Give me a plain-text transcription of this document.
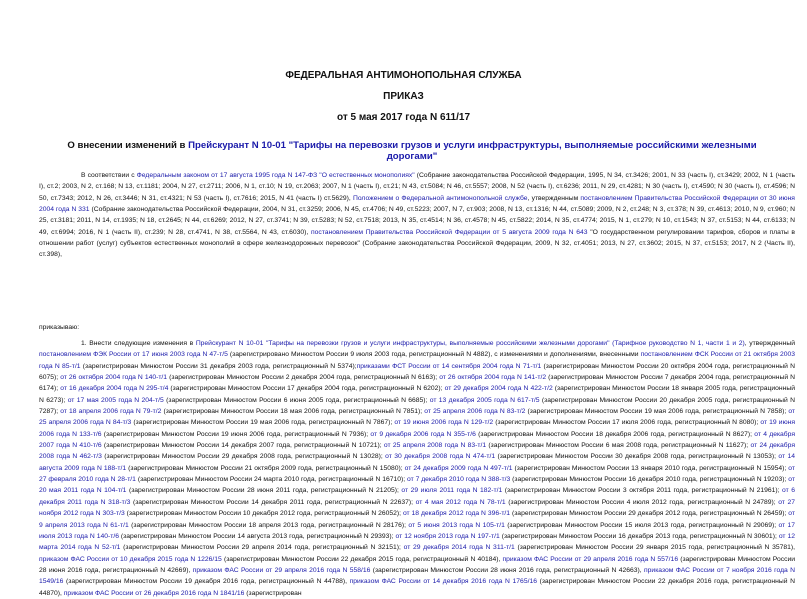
ФЕДЕРАЛЬНАЯ АНТИМОНОПОЛЬНАЯ СЛУЖБА
ПРИКАЗ
от 5 мая 2017 года N 611/17
О внесении изменений в Прейскурант N 10-01 "Тарифы на перевозки грузов и услуги инфраструктуры, выполняемые российскими железными дорогами"
В соответствии с Федеральным законом от 17 августа 1995 года N 147-ФЗ "О естественных монополиях" (Собрание законодательства Российской Федерации, 1995, N 34, ст.3426; 2001, N 33 (часть I), ст.3429; 2002, N 1 (часть I), ст.2; 2003, N 2, ст.168; N 13, ст.1181; 2004, N 27, ст.2711; 2006, N 1, ст.10; N 19, ст.2063; 2007, N 1 (часть I), ст.21; N 43, ст.5084; N 46, ст.5557; 2008, N 52 (часть I), ст.6236; 2011, N 29, ст.4281; N 30 (часть I), ст.4590; N 30 (часть I), ст.4596; N 50, ст.7343; 2012, N 26, ст.3446; N 31, ст.4321; N 53 (часть I), ст.7616; 2015, N 41 (часть I) ст.5629), Положением о Федеральной антимонопольной службе, утвержденным постановлением Правительства Российской Федерации от 30 июня 2004 года N 331 (Собрание законодательства Российской Федерации, 2004, N 31, ст.3259; 2006, N 45, ст.4706; N 49, ст.5223; 2007, N 7, ст.903; 2008, N 13, ст.1316; N 44, ст.5089; 2009, N 2, ст.248; N 3, ст.378; N 39, ст.4613; 2010, N 9, ст.960; N 25, ст.3181; 2011, N 14, ст.1935; N 18, ст.2645; N 44, ст.6269; 2012, N 27, ст.3741; N 39, ст.5283; N 52, ст.7518; 2013, N 35, ст.4514; N 36, ст.4578; N 45, ст.5822; 2014, N 35, ст.4774; 2015, N 1, ст.279; N 10, ст.1543; N 37, ст.5153; N 44, ст.6133; N 49, ст.6994; 2016, N 1 (часть II), ст.239; N 28, ст.4741, N 38, ст.5564, N 43, ст.6030), постановлением Правительства Российской Федерации от 5 августа 2009 года N 643 "О государственном регулировании тарифов, сборов и платы в отношении работ (услуг) субъектов естественных монополий в сфере железнодорожных перевозок" (Собрание законодательства Российской Федерации, 2009, N 32, ст.4051; 2013, N 27, ст.3602; 2015, N 37, ст.5153; 2017, N 2 (Часть II), ст.398),
приказываю:
1. Внести следующие изменения в Прейскурант N 10-01 "Тарифы на перевозки грузов и услуги инфраструктуры, выполняемые российскими железными дорогами" (Тарифное руководство N 1, части 1 и 2), утвержденный постановлением ФЭК России от 17 июня 2003 года N 47-т/5 (зарегистрировано Минюстом России 9 июля 2003 года, регистрационный N 4882), с изменениями и дополнениями, внесенными постановлением ФСК России от 21 октября 2003 года N 85-т/1 (зарегистрирован Минюстом России 31 декабря 2003 года, регистрационный N 5374);приказами ФСТ России от 14 сентября 2004 года N 71-т/1 (зарегистрирован Минюстом России 20 октября 2004 года, регистрационный N 6075); от 26 октября 2004 года N 140-т/1 (зарегистрирован Минюстом России 2 декабря 2004 года, регистрационный N 6163); от 26 октября 2004 года N 141-т/2 (зарегистрирован Минюстом России 7 декабря 2004 года, регистрационный N 6174); от 16 декабря 2004 года N 295-т/4 (зарегистрирован Минюстом России 17 декабря 2004 года, регистрационный N 6202); от 29 декабря 2004 года N 422-т/2 (зарегистрирован Минюстом России 18 января 2005 года, регистрационный N 6273); от 17 мая 2005 года N 204-т/5 (зарегистрирован Минюстом России 6 июня 2005 года, регистрационный N 6685); от 13 декабря 2005 года N 617-т/5 (зарегистрирован Минюстом России 20 декабря 2005 года, регистрационный N 7287); от 18 апреля 2006 года N 79-т/2 (зарегистрирован Минюстом России 18 мая 2006 года, регистрационный N 7851); от 25 апреля 2006 года N 83-т/2 (зарегистрирован Минюстом России 19 мая 2006 года, регистрационный N 7858); от 25 апреля 2006 года N 84-т/3 (зарегистрирован Минюстом России 19 мая 2006 года, регистрационный N 7867); от 19 июня 2006 года N 129-т/2 (зарегистрирован Минюстом России 17 июля 2006 года, регистрационный N 8080); от 19 июня 2006 года N 133-т/6 (зарегистрирован Минюстом России 19 июня 2006 года, регистрационный N 7936); от 9 декабря 2006 года N 355-т/6 (зарегистрирован Минюстом России 18 декабря 2006 года, регистрационный N 8627); от 4 декабря 2007 года N 410-т/6 (зарегистрирован Минюстом России 14 декабря 2007 года, регистрационный N 10721); от 25 апреля 2008 года N 83-т/1 (зарегистрирован Минюстом России 6 мая 2008 года, регистрационный N 11627); от 24 декабря 2008 года N 462-т/3 (зарегистрирован Минюстом России 29 декабря 2008 года, регистрационный N 13028); от 30 декабря 2008 года N 474-т/1 (зарегистрирован Минюстом России 30 декабря 2008 года, регистрационный N 13053); от 14 августа 2009 года N 188-т/1 (зарегистрирован Минюстом России 21 октября 2009 года, регистрационный N 15080); от 24 декабря 2009 года N 497-т/1 (зарегистрирован Минюстом России 13 января 2010 года, регистрационный N 15954); от 27 февраля 2010 года N 28-т/1 (зарегистрирован Минюстом России 24 марта 2010 года, регистрационный N 16710); от 7 декабря 2010 года N 388-т/3 (зарегистрирован Минюстом России 16 декабря 2010 года, регистрационный N 19203); от 20 мая 2011 года N 104-т/1 (зарегистрирован Минюстом России 28 июня 2011 года, регистрационный N 21205); от 29 июля 2011 года N 182-т/1 (зарегистрирован Минюстом России 3 октября 2011 года, регистрационный N 21961); от 6 декабря 2011 года N 318-т/3 (зарегистрирован Минюстом России 14 декабря 2011 года, регистрационный N 22637); от 4 мая 2012 года N 78-т/1 (зарегистрирован Минюстом России 4 июля 2012 года, регистрационный N 24789); от 27 ноября 2012 года N 303-т/3 (зарегистрирован Минюстом России 10 декабря 2012 года, регистрационный N 26052); от 18 декабря 2012 года N 396-т/1 (зарегистрирован Минюстом России 29 декабря 2012 года, регистрационный N 26459); от 9 апреля 2013 года N 61-т/1 (зарегистрирован Минюстом России 18 апреля 2013 года, регистрационный N 28176); от 5 июня 2013 года N 105-т/1 (зарегистрирован Минюстом России 15 июля 2013 года, регистрационный N 29069); от 17 июля 2013 года N 140-т/6 (зарегистрирован Минюстом России 14 августа 2013 года, регистрационный N 29393); от 12 ноября 2013 года N 197-т/1 (зарегистрирован Минюстом России 16 декабря 2013 года, регистрационный N 30601); от 12 марта 2014 года N 52-т/1 (зарегистрирован Минюстом России 29 апреля 2014 года, регистрационный N 32151); от 29 декабря 2014 года N 311-т/1 (зарегистрирован Минюстом России 29 января 2015 года, регистрационный N 35781), приказом ФАС России от 10 декабря 2015 года N 1226/15 (зарегистрирован Минюстом России 22 декабря 2015 года, регистрационный N 40184), приказом ФАС России от 29 апреля 2016 года N 557/16 (зарегистрирован Минюстом России 28 июня 2016 года, регистрационный N 42669), приказом ФАС России от 29 апреля 2016 года N 558/16 (зарегистрирован Минюстом России 28 июня 2016 года, регистрационный N 42663), приказом ФАС России от 7 ноября 2016 года N 1549/16 (зарегистрирован Минюстом России 19 декабря 2016 года, регистрационный N 44788), приказом ФАС России от 14 декабря 2016 года N 1765/16 (зарегистрирован Минюстом России 22 декабря 2016 года, регистрационный N 44870), приказом ФАС России от 26 декабря 2016 года N 1841/16 (зарегистрирован
